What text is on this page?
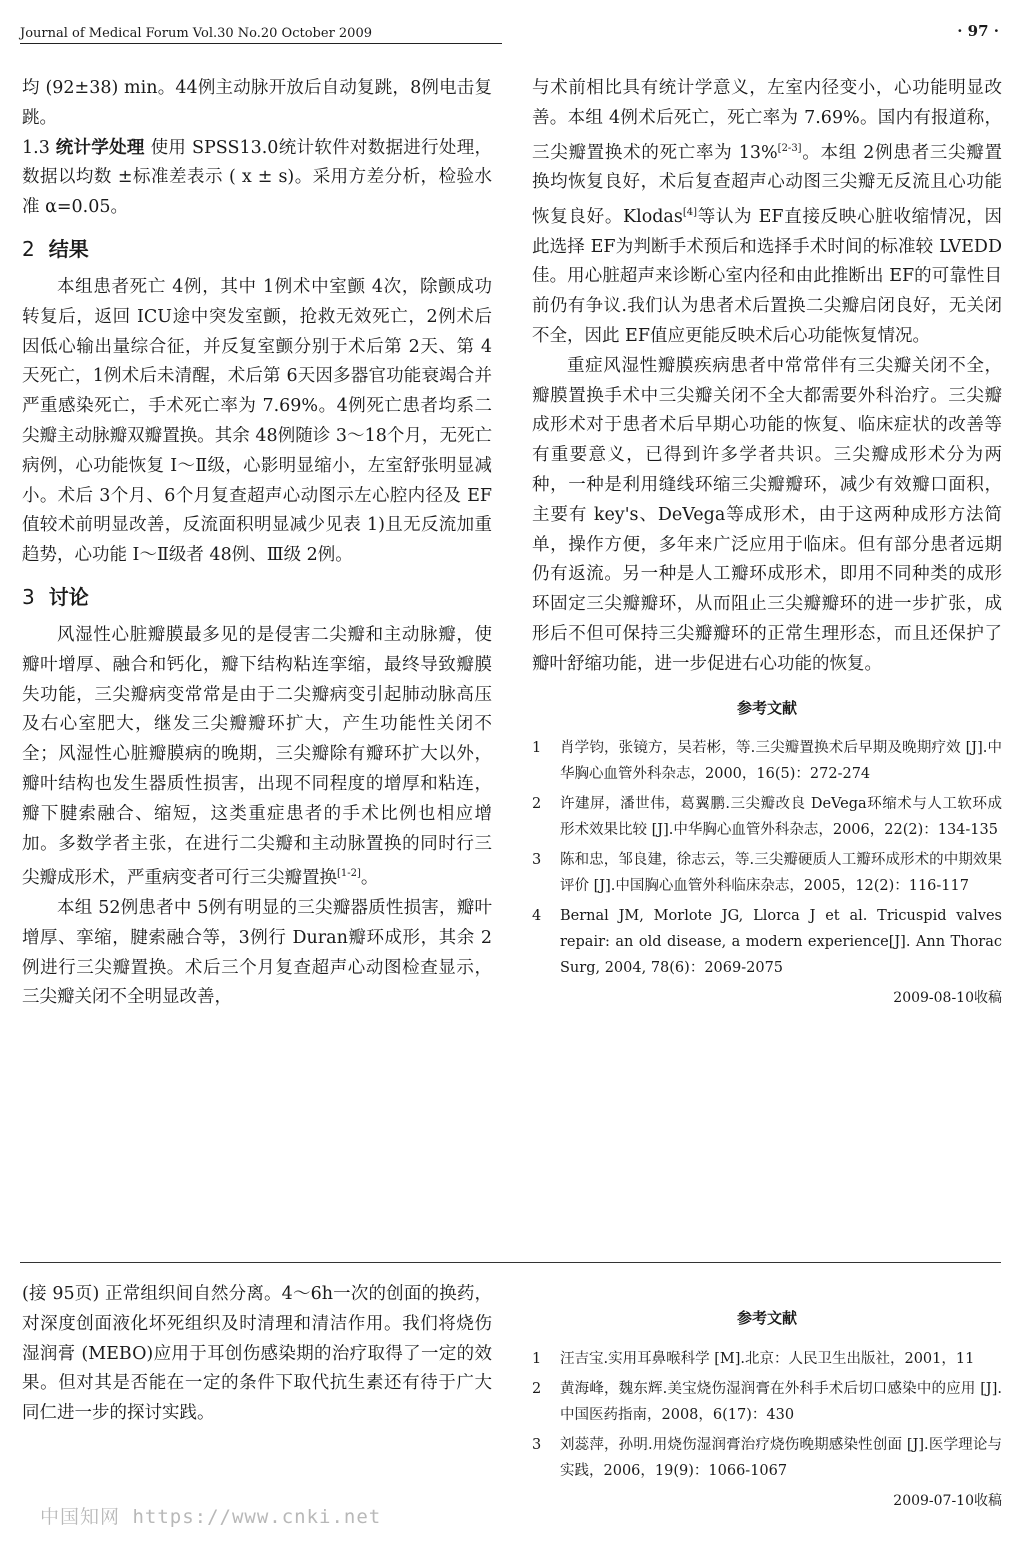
Journal of Medical Forum Vol.30 No.20 October 2009	· 97 ·

均 (92±38) min。44例主动脉开放后自动复跳，8例电击复跳。

1.3 统计学处理 使用 SPSS13.0统计软件对数据进行处理，数据以均数 ±标准差表示 ( x ± s)。采用方差分析，检验水准 α=0.05。

2 结果

本组患者死亡 4例，其中 1例术中室颤 4次，除颤成功转复后，返回 ICU途中突发室颤，抢救无效死亡，2例术后因低心输出量综合征，并反复室颤分别于术后第 2天、第 4天死亡，1例术后未清醒，术后第 6天因多器官功能衰竭合并严重感染死亡，手术死亡率为 7.69%。4例死亡患者均系二尖瓣主动脉瓣双瓣置换。其余 48例随诊 3～18个月，无死亡病例，心功能恢复 Ⅰ～Ⅱ级，心影明显缩小，左室舒张明显减小。术后 3个月、6个月复查超声心动图示左心腔内径及 EF值较术前明显改善，反流面积明显减少见表 1)且无反流加重趋势，心功能 Ⅰ～Ⅱ级者 48例、Ⅲ级 2例。

3 讨论

风湿性心脏瓣膜最多见的是侵害二尖瓣和主动脉瓣，使瓣叶增厚、融合和钙化，瓣下结构粘连挛缩，最终导致瓣膜失功能，三尖瓣病变常常是由于二尖瓣病变引起肺动脉高压及右心室肥大，继发三尖瓣瓣环扩大，产生功能性关闭不全；风湿性心脏瓣膜病的晚期，三尖瓣除有瓣环扩大以外，瓣叶结构也发生器质性损害，出现不同程度的增厚和粘连，瓣下腱索融合、缩短，这类重症患者的手术比例也相应增加。多数学者主张，在进行二尖瓣和主动脉置换的同时行三尖瓣成形术，严重病变者可行三尖瓣置换[1-2]。

本组 52例患者中 5例有明显的三尖瓣器质性损害，瓣叶增厚、挛缩，腱索融合等，3例行 Duran瓣环成形，其余 2例进行三尖瓣置换。术后三个月复查超声心动图检查显示，三尖瓣关闭不全明显改善，

与术前相比具有统计学意义，左室内径变小，心功能明显改善。本组 4例术后死亡，死亡率为 7.69%。国内有报道称，三尖瓣置换术的死亡率为 13%[2-3]。本组 2例患者三尖瓣置换均恢复良好，术后复查超声心动图三尖瓣无反流且心功能恢复良好。Klodas[4]等认为 EF直接反映心脏收缩情况，因此选择 EF为判断手术预后和选择手术时间的标准较 LVEDD佳。用心脏超声来诊断心室内径和由此推断出 EF的可靠性目前仍有争议.我们认为患者术后置换二尖瓣启闭良好，无关闭不全，因此 EF值应更能反映术后心功能恢复情况。

重症风湿性瓣膜疾病患者中常常伴有三尖瓣关闭不全，瓣膜置换手术中三尖瓣关闭不全大都需要外科治疗。三尖瓣成形术对于患者术后早期心功能的恢复、临床症状的改善等有重要意义，已得到许多学者共识。三尖瓣成形术分为两种，一种是利用缝线环缩三尖瓣瓣环，减少有效瓣口面积，主要有 key's、DeVega等成形术，由于这两种成形方法简单，操作方便，多年来广泛应用于临床。但有部分患者远期仍有返流。另一种是人工瓣环成形术，即用不同种类的成形环固定三尖瓣瓣环，从而阻止三尖瓣瓣环的进一步扩张，成形后不但可保持三尖瓣瓣环的正常生理形态，而且还保护了瓣叶舒缩功能，进一步促进右心功能的恢复。

参考文献
1	肖学钧，张镜方，吴若彬，等.三尖瓣置换术后早期及晚期疗效 [J].中华胸心血管外科杂志，2000，16(5)：272-274
2	许建屏，潘世伟，葛翼鹏.三尖瓣改良 DeVega环缩术与人工软环成形术效果比较 [J].中华胸心血管外科杂志，2006，22(2)：134-135
3	陈和忠，邹良建，徐志云，等.三尖瓣硬质人工瓣环成形术的中期效果评价 [J].中国胸心血管外科临床杂志，2005，12(2)：116-117
4	Bernal JM, Morlote JG, Llorca J et al. Tricuspid valves repair: an old disease, a modern experience[J]. Ann Thorac Surg, 2004, 78(6)：2069-2075
2009-08-10收稿

(接 95页) 正常组织间自然分离。4～6h一次的创面的换药，对深度创面液化坏死组织及时清理和清洁作用。我们将烧伤湿润膏 (MEBO)应用于耳创伤感染期的治疗取得了一定的效果。但对其是否能在一定的条件下取代抗生素还有待于广大同仁进一步的探讨实践。

参考文献
1	汪吉宝.实用耳鼻喉科学 [M].北京：人民卫生出版社，2001，11
2	黄海峰，魏东辉.美宝烧伤湿润膏在外科手术后切口感染中的应用 [J].中国医药指南，2008，6(17)：430
3	刘蕊萍，孙明.用烧伤湿润膏治疗烧伤晚期感染性创面 [J].医学理论与实践，2006，19(9)：1066-1067
2009-07-10收稿
中国知网 https://www.cnki.net
